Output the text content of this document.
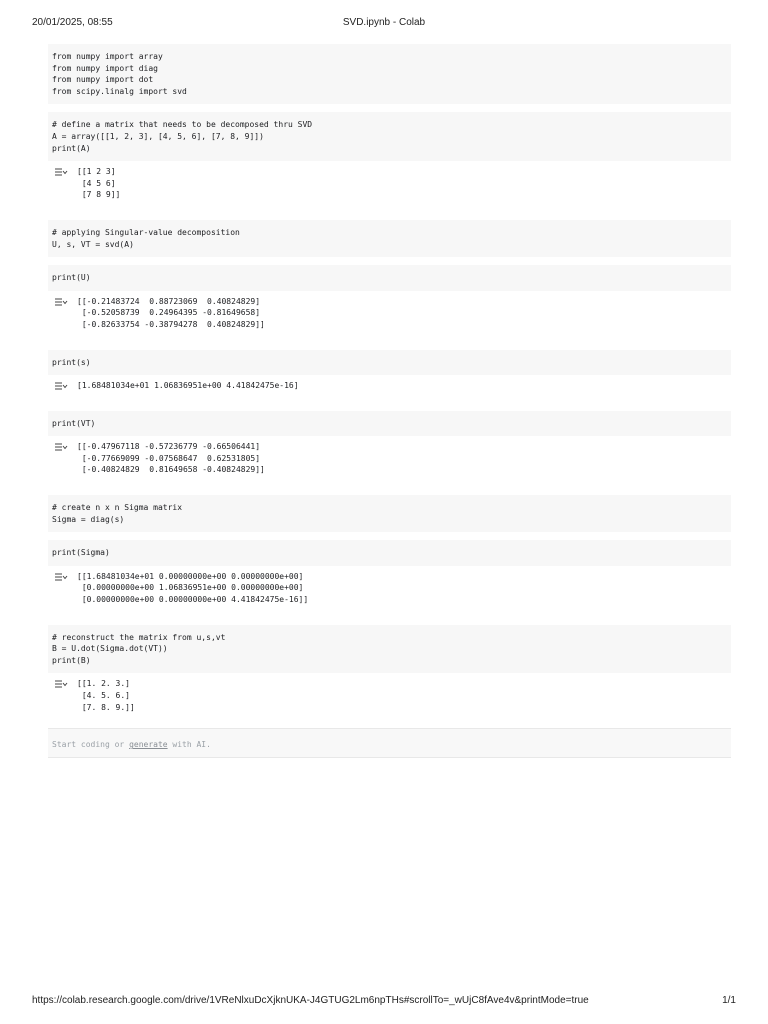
20/01/2025, 08:55	SVD.ipynb - Colab
from numpy import array
from numpy import diag
from numpy import dot
from scipy.linalg import svd
# define a matrix that needs to be decomposed thru SVD
A = array([[1, 2, 3], [4, 5, 6], [7, 8, 9]])
print(A)
[[1 2 3]
[4 5 6]
[7 8 9]]
# applying Singular-value decomposition
U, s, VT = svd(A)
print(U)
[[-0.21483724  0.88723069  0.40824829]
[-0.52058739  0.24964395 -0.81649658]
[-0.82633754 -0.38794278  0.40824829]]
print(s)
[1.68481034e+01 1.06836951e+00 4.41842475e-16]
print(VT)
[[-0.47967118 -0.57236779 -0.66506441]
[-0.77669099 -0.07568647  0.62531805]
[-0.40824829  0.81649658 -0.40824829]]
# create n x n Sigma matrix
Sigma = diag(s)
print(Sigma)
[[1.68481034e+01 0.00000000e+00 0.00000000e+00]
[0.00000000e+00 1.06836951e+00 0.00000000e+00]
[0.00000000e+00 0.00000000e+00 4.41842475e-16]]
# reconstruct the matrix from u,s,vt
B = U.dot(Sigma.dot(VT))
print(B)
[[1. 2. 3.]
[4. 5. 6.]
[7. 8. 9.]]
Start coding or generate with AI.
https://colab.research.google.com/drive/1VReNlxuDcXjknUKA-J4GTUG2Lm6npTHs#scrollTo=_wUjC8fAve4v&printMode=true	1/1
